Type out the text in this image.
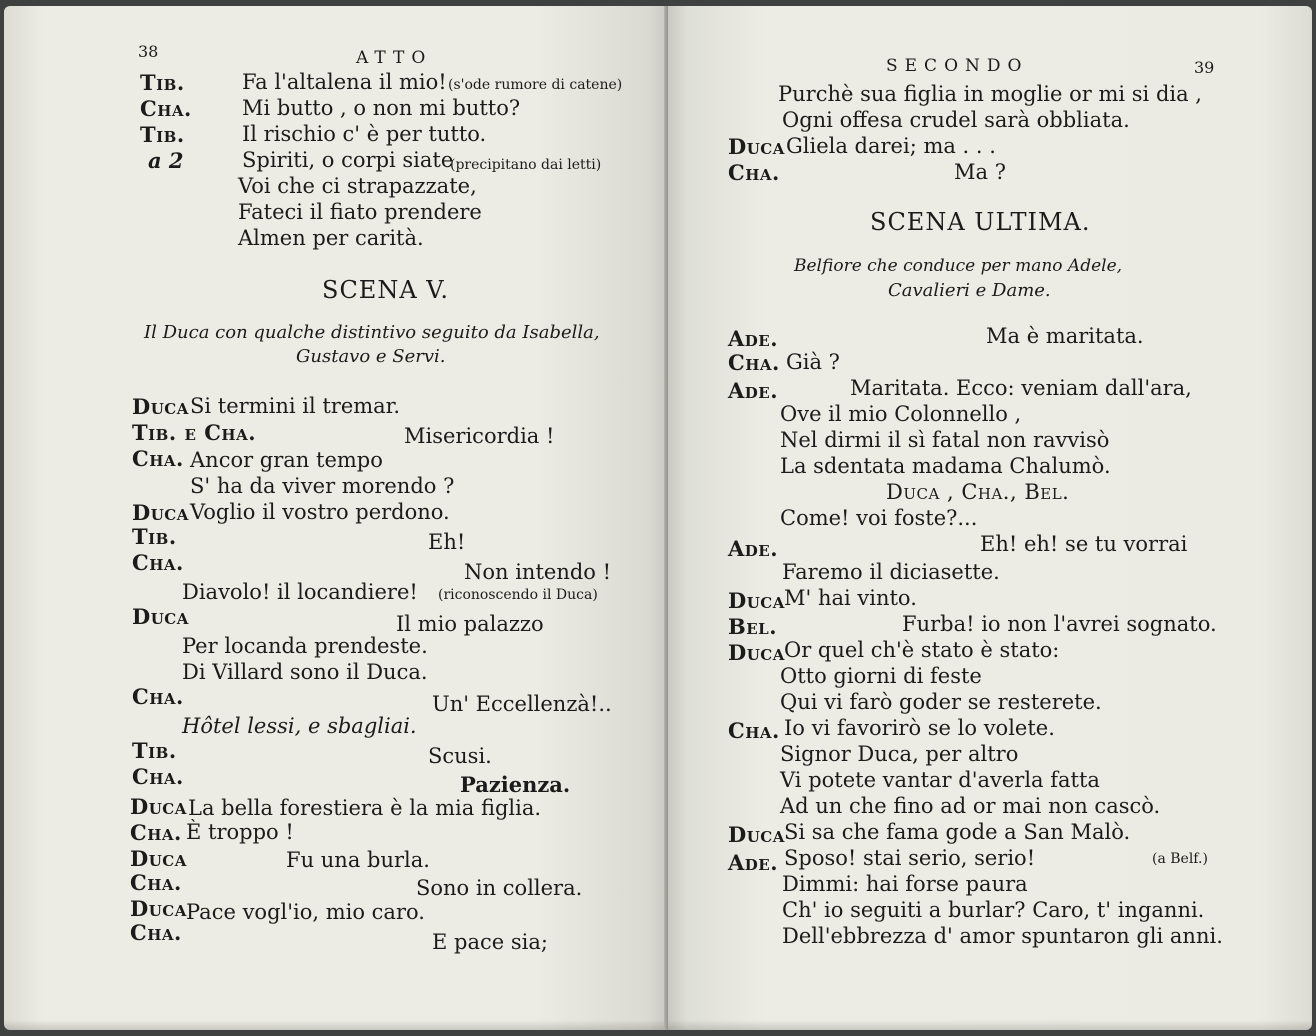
38	ATTO
Tib.	Fa l'altalena il mio! (s'ode rumore di catene)
Cha. Mi butto , o non mi butto?
Tib.	Il rischio c' è per tutto.
a 2	Spiriti, o corpi siate
(precipitano dai letti)
Voi che ci strapazzate,
Fateci il fiato prendere
Almen per carità.
SCENA V.
Il Duca con qualche distintivo seguito da Isabella,
Gustavo e Servi.
Duca Si termini il tremar.
Tib. e Cha.	Misericordia !
Cha. Ancor gran tempo
S' ha da viver morendo ?
Duca Voglio il vostro perdono.
Tib.	Eh!
Cha.	Non intendo !
Diavolo! il locandiere! (riconoscendo il Duca)
Duca	Il mio palazzo
Per locanda prendeste.
Di Villard sono il Duca.
Cha.	Un' Eccellenzà!..
Hôtel lessi, e sbagliai.
Tib.	Scusi.
Cha.	Pazienza.
Duca La bella forestiera è la mia figlia.
Cha. È troppo !
Duca	Fu una burla.
Cha.	Sono in collera.
Duca Pace vogl'io, mio caro.
Cha.	E pace sia;
SECONDO	39
Purchè sua figlia in moglie or mi si dia ,
Ogni offesa crudel sarà obbliata.
Duca Gliela darei; ma . . .
Cha.	Ma ?
SCENA ULTIMA.
Belfiore che conduce per mano Adele,
Cavalieri e Dame.
Ade.	Ma è maritata.
Cha. Già ?
Ade.	Maritata. Ecco: veniam dall'ara,
Ove il mio Colonnello ,
Nel dirmi il sì fatal non ravvisò
La sdentata madama Chalumò.
Duca , Cha., Bel.
Come! voi foste?...
Ade.	Eh! eh! se tu vorrai
Faremo il diciasette.
Duca M' hai vinto.
Bel.	Furba! io non l'avrei sognato.
Duca Or quel ch'è stato è stato:
Otto giorni di feste
Qui vi farò goder se resterete.
Cha. Io vi favorirò se lo volete.
Signor Duca, per altro
Vi potete vantar d'averla fatta
Ad un che fino ad or mai non cascò.
Duca Si sa che fama gode a San Malò.
Ade. Sposo! stai serio, serio!	(a Belf.)
Dimmi: hai forse paura
Ch' io seguiti a burlar? Caro, t' inganni.
Dell'ebbrezza d' amor spuntaron gli anni.
